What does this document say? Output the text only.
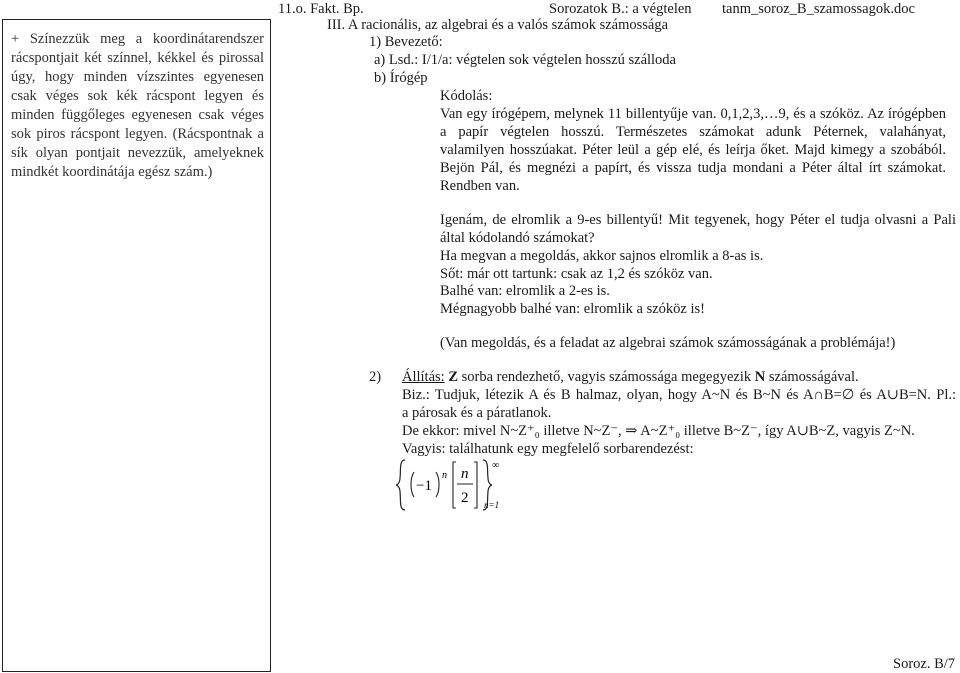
11.o. Fakt. Bp.	Sorozatok B.: a végtelen tanm_soroz_B_szamossagok.doc
+ Színezzük meg a koordinátarendszer rácspontjait két színnel, kékkel és pirossal úgy, hogy minden vízszintes egyenesen csak véges sok kék rácspont legyen és minden függőleges egyenesen csak véges sok piros rácspont legyen. (Rácspontnak a sík olyan pontjait nevezzük, amelyeknek mindkét koordinátája egész szám.)
III. A racionális, az algebrai és a valós számok számossága
1) Bevezető:
a) Lsd.: I/1/a: végtelen sok végtelen hosszú szálloda
b) Írógép
Kódolás:
Van egy írógépem, melynek 11 billentyűje van. 0,1,2,3,…9, és a szóköz. Az írógépben
a papír végtelen hosszú. Természetes számokat adunk Péternek, valahányat,
valamilyen hosszúakat. Péter leül a gép elé, és leírja őket. Majd kimegy a szobából.
Bejön Pál, és megnézi a papírt, és vissza tudja mondani a Péter által írt számokat.
Rendben van.
Igenám, de elromlik a 9-es billentyű! Mit tegyenek, hogy Péter el tudja olvasni a Pali
által kódolandó számokat?
Ha megvan a megoldás, akkor sajnos elromlik a 8-as is.
Sőt: már ott tartunk: csak az 1,2 és szóköz van.
Balhé van: elromlik a 2-es is.
Mégnagyobb balhé van: elromlik a szóköz is!
(Van megoldás, és a feladat az algebrai számok számosságának a problémája!)
2) Állítás: Z sorba rendezhető, vagyis számossága megegyezik N számosságával.
Biz.: Tudjuk, létezik A és B halmaz, olyan, hogy A~N és B~N és A∩B=∅ és A∪B=N. Pl.:
a párosak és a páratlanok.
De ekkor: mivel N~Z⁺₀ illetve N~Z⁻, ⇒ A~Z⁺₀ illetve B~Z⁻, így A∪B~Z, vagyis Z~N.
Vagyis: találhatunk egy megfelelő sorbarendezést:
−1
n n
2
∞
n=1
Soroz. B/7
